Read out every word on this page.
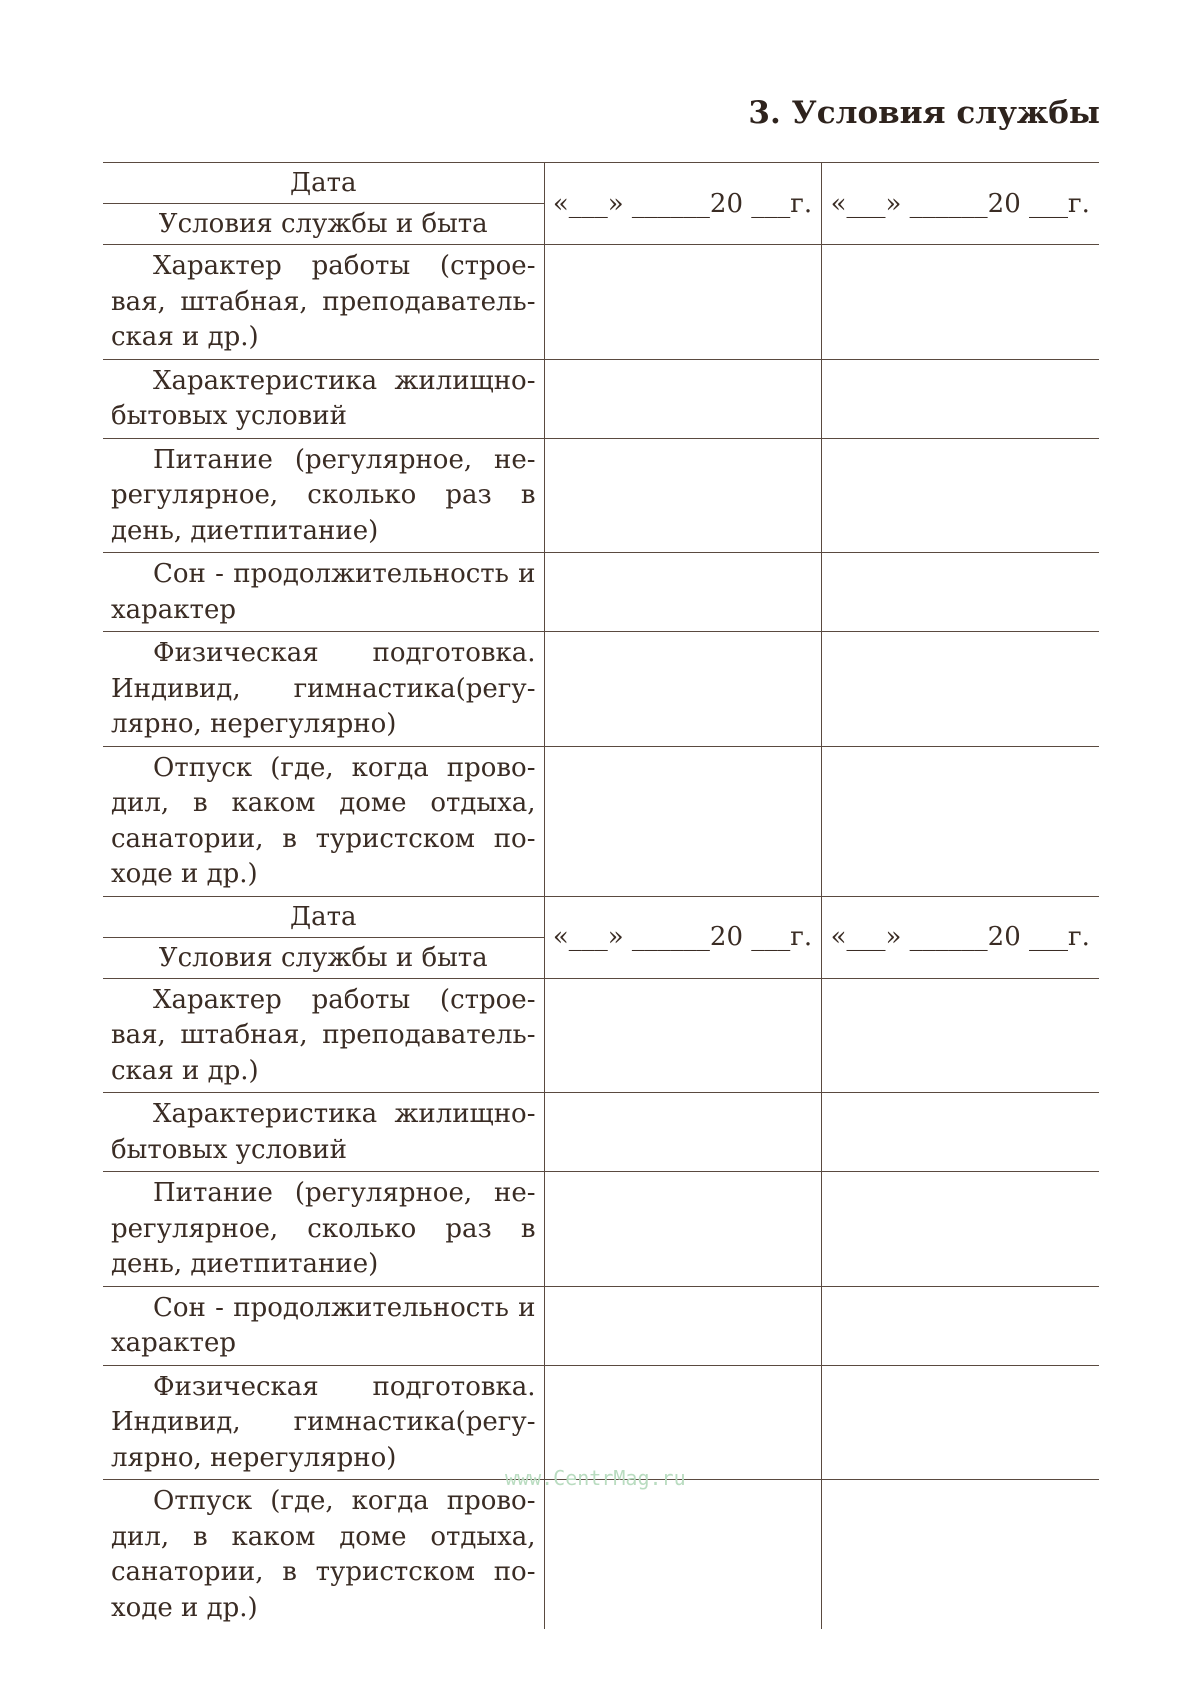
3. Условия службы
Дата
Условия службы и быта	«___» ______20 ___г.	«___» ______20 ___г.
Характер работы (строевая, штабная, преподавательская и др.)		
Характеристика жилищно-бытовых условий		
Питание (регулярное, нерегулярное, сколько раз в день, диетпитание)		
Сон - продолжительность и характер		
Физическая подготовка. Индивид, гимнастика(регулярно, нерегулярно)		
Отпуск (где, когда проводил, в каком доме отдыха, санатории, в туристском походе и др.)		

Дата
Условия службы и быта	«___» ______20 ___г.	«___» ______20 ___г.
Характер работы (строевая, штабная, преподавательская и др.)		
Характеристика жилищно-бытовых условий		
Питание (регулярное, нерегулярное, сколько раз в день, диетпитание)		
Сон - продолжительность и характер		
Физическая подготовка. Индивид, гимнастика(регулярно, нерегулярно)		
Отпуск (где, когда проводил, в каком доме отдыха, санатории, в туристском походе и др.)		
www.CentrMag.ru
